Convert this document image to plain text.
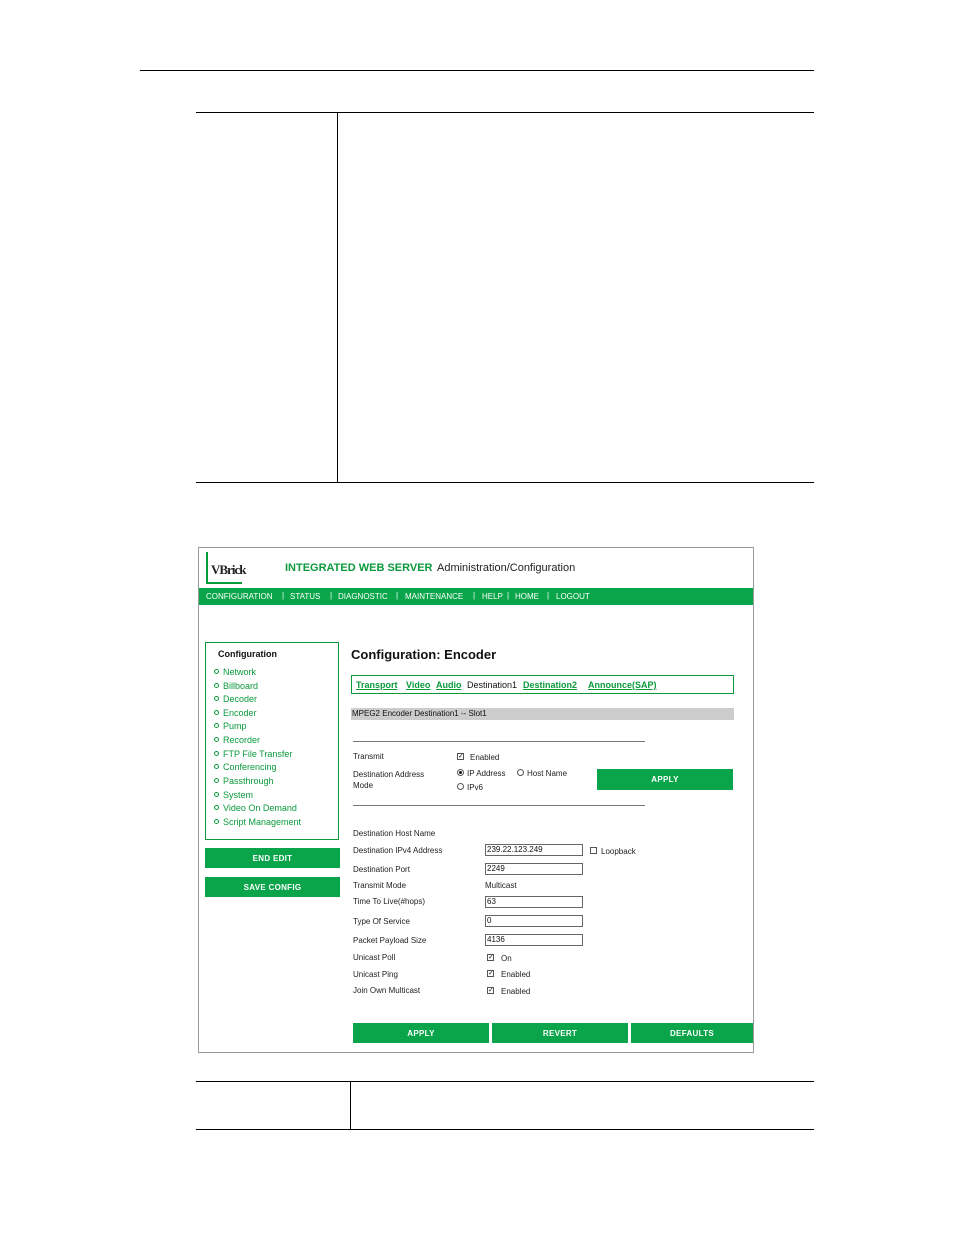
VBrick	INTEGRATED WEB SERVER Administration/Configuration
CONFIGURATION | STATUS | DIAGNOSTIC | MAINTENANCE | HELP | HOME | LOGOUT
Configuration
Network
Billboard
Decoder
Encoder
Pump
Recorder
FTP File Transfer
Conferencing
Passthrough
System
Video On Demand
Script Management
END EDIT
SAVE CONFIG
Configuration: Encoder
Transport Video Audio Destination1 Destination2 Announce(SAP)
MPEG2 Encoder Destination1 -- Slot1
Transmit	✓ Enabled
Destination Address
Mode
IP Address	Host Name
IPv6
APPLY
Destination Host Name
Destination IPv4 Address	239.22.123.249	Loopback
Destination Port	2249
Transmit Mode	Multicast
Time To Live(#hops)	63
Type Of Service	0
Packet Payload Size	4136
Unicast Poll	✓ On
Unicast Ping	✓ Enabled
Join Own Multicast	✓ Enabled
APPLY	REVERT	DEFAULTS
